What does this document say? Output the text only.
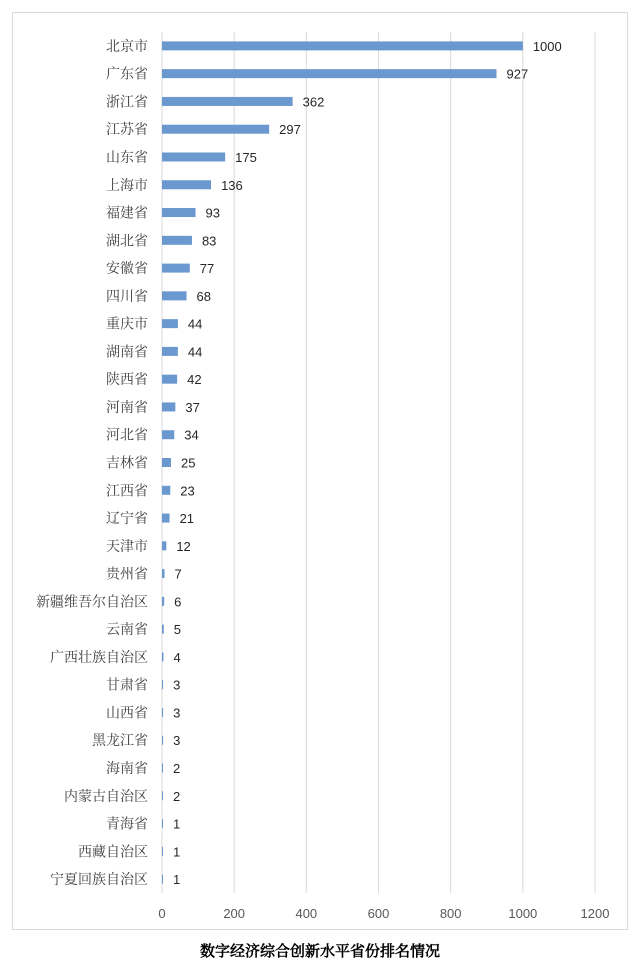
0	200	400	600	800	1000	1200
北京市	1000
广东省	927
浙江省	362
江苏省	297
山东省	175
上海市	136
福建省	93
湖北省	83
安徽省	77
四川省	68
重庆市	44
湖南省	44
陕西省	42
河南省	37
河北省	34
吉林省	25
江西省 23
辽宁省 21
天津市 12
贵州省 7
新疆维吾尔自治区 6
云南省 5
广西壮族自治区 4
甘肃省 3
山西省 3
黑龙江省 3
海南省 2
内蒙古自治区 2
青海省 1
西藏自治区 1
宁夏回族自治区 1
数字经济综合创新水平省份排名情况
